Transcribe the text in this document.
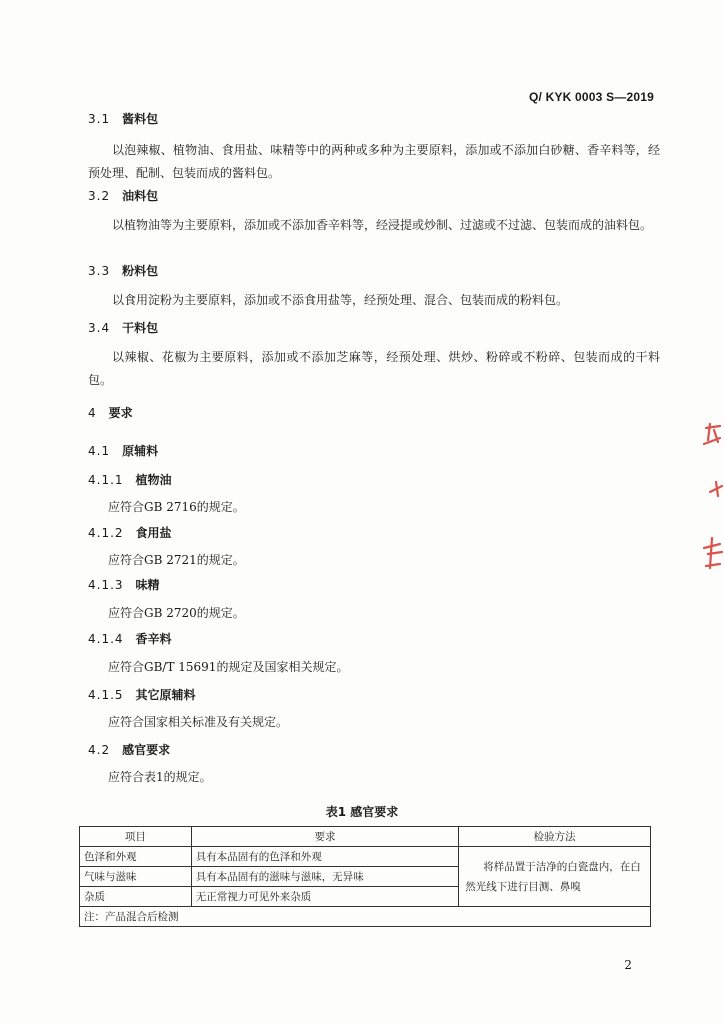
Q/ KYK 0003 S—2019
3.1 酱料包
以泡辣椒、植物油、食用盐、味精等中的两种或多种为主要原料，添加或不添加白砂糖、香辛料等，经预处理、配制、包装而成的酱料包。
3.2 油料包
以植物油等为主要原料，添加或不添加香辛料等，经浸提或炒制、过滤或不过滤、包装而成的油料包。
3.3 粉料包
以食用淀粉为主要原料，添加或不添食用盐等，经预处理、混合、包装而成的粉料包。
3.4 干料包
以辣椒、花椒为主要原料，添加或不添加芝麻等，经预处理、烘炒、粉碎或不粉碎、包装而成的干料包。
4 要求
4.1 原辅料
4.1.1 植物油
应符合GB 2716的规定。
4.1.2 食用盐
应符合GB 2721的规定。
4.1.3 味精
应符合GB 2720的规定。
4.1.4 香辛料
应符合GB/T 15691的规定及国家相关规定。
4.1.5 其它原辅料
应符合国家相关标准及有关规定。
4.2 感官要求
应符合表1的规定。
表1 感官要求
项目	要求	检验方法
色泽和外观	具有本品固有的色泽和外观	将样品置于洁净的白瓷盘内，在白然光线下进行目测、鼻嗅
气味与滋味	具有本品固有的滋味与滋味，无异味	
杂质	无正常视力可见外来杂质	
注：产品混合后检测		
2
